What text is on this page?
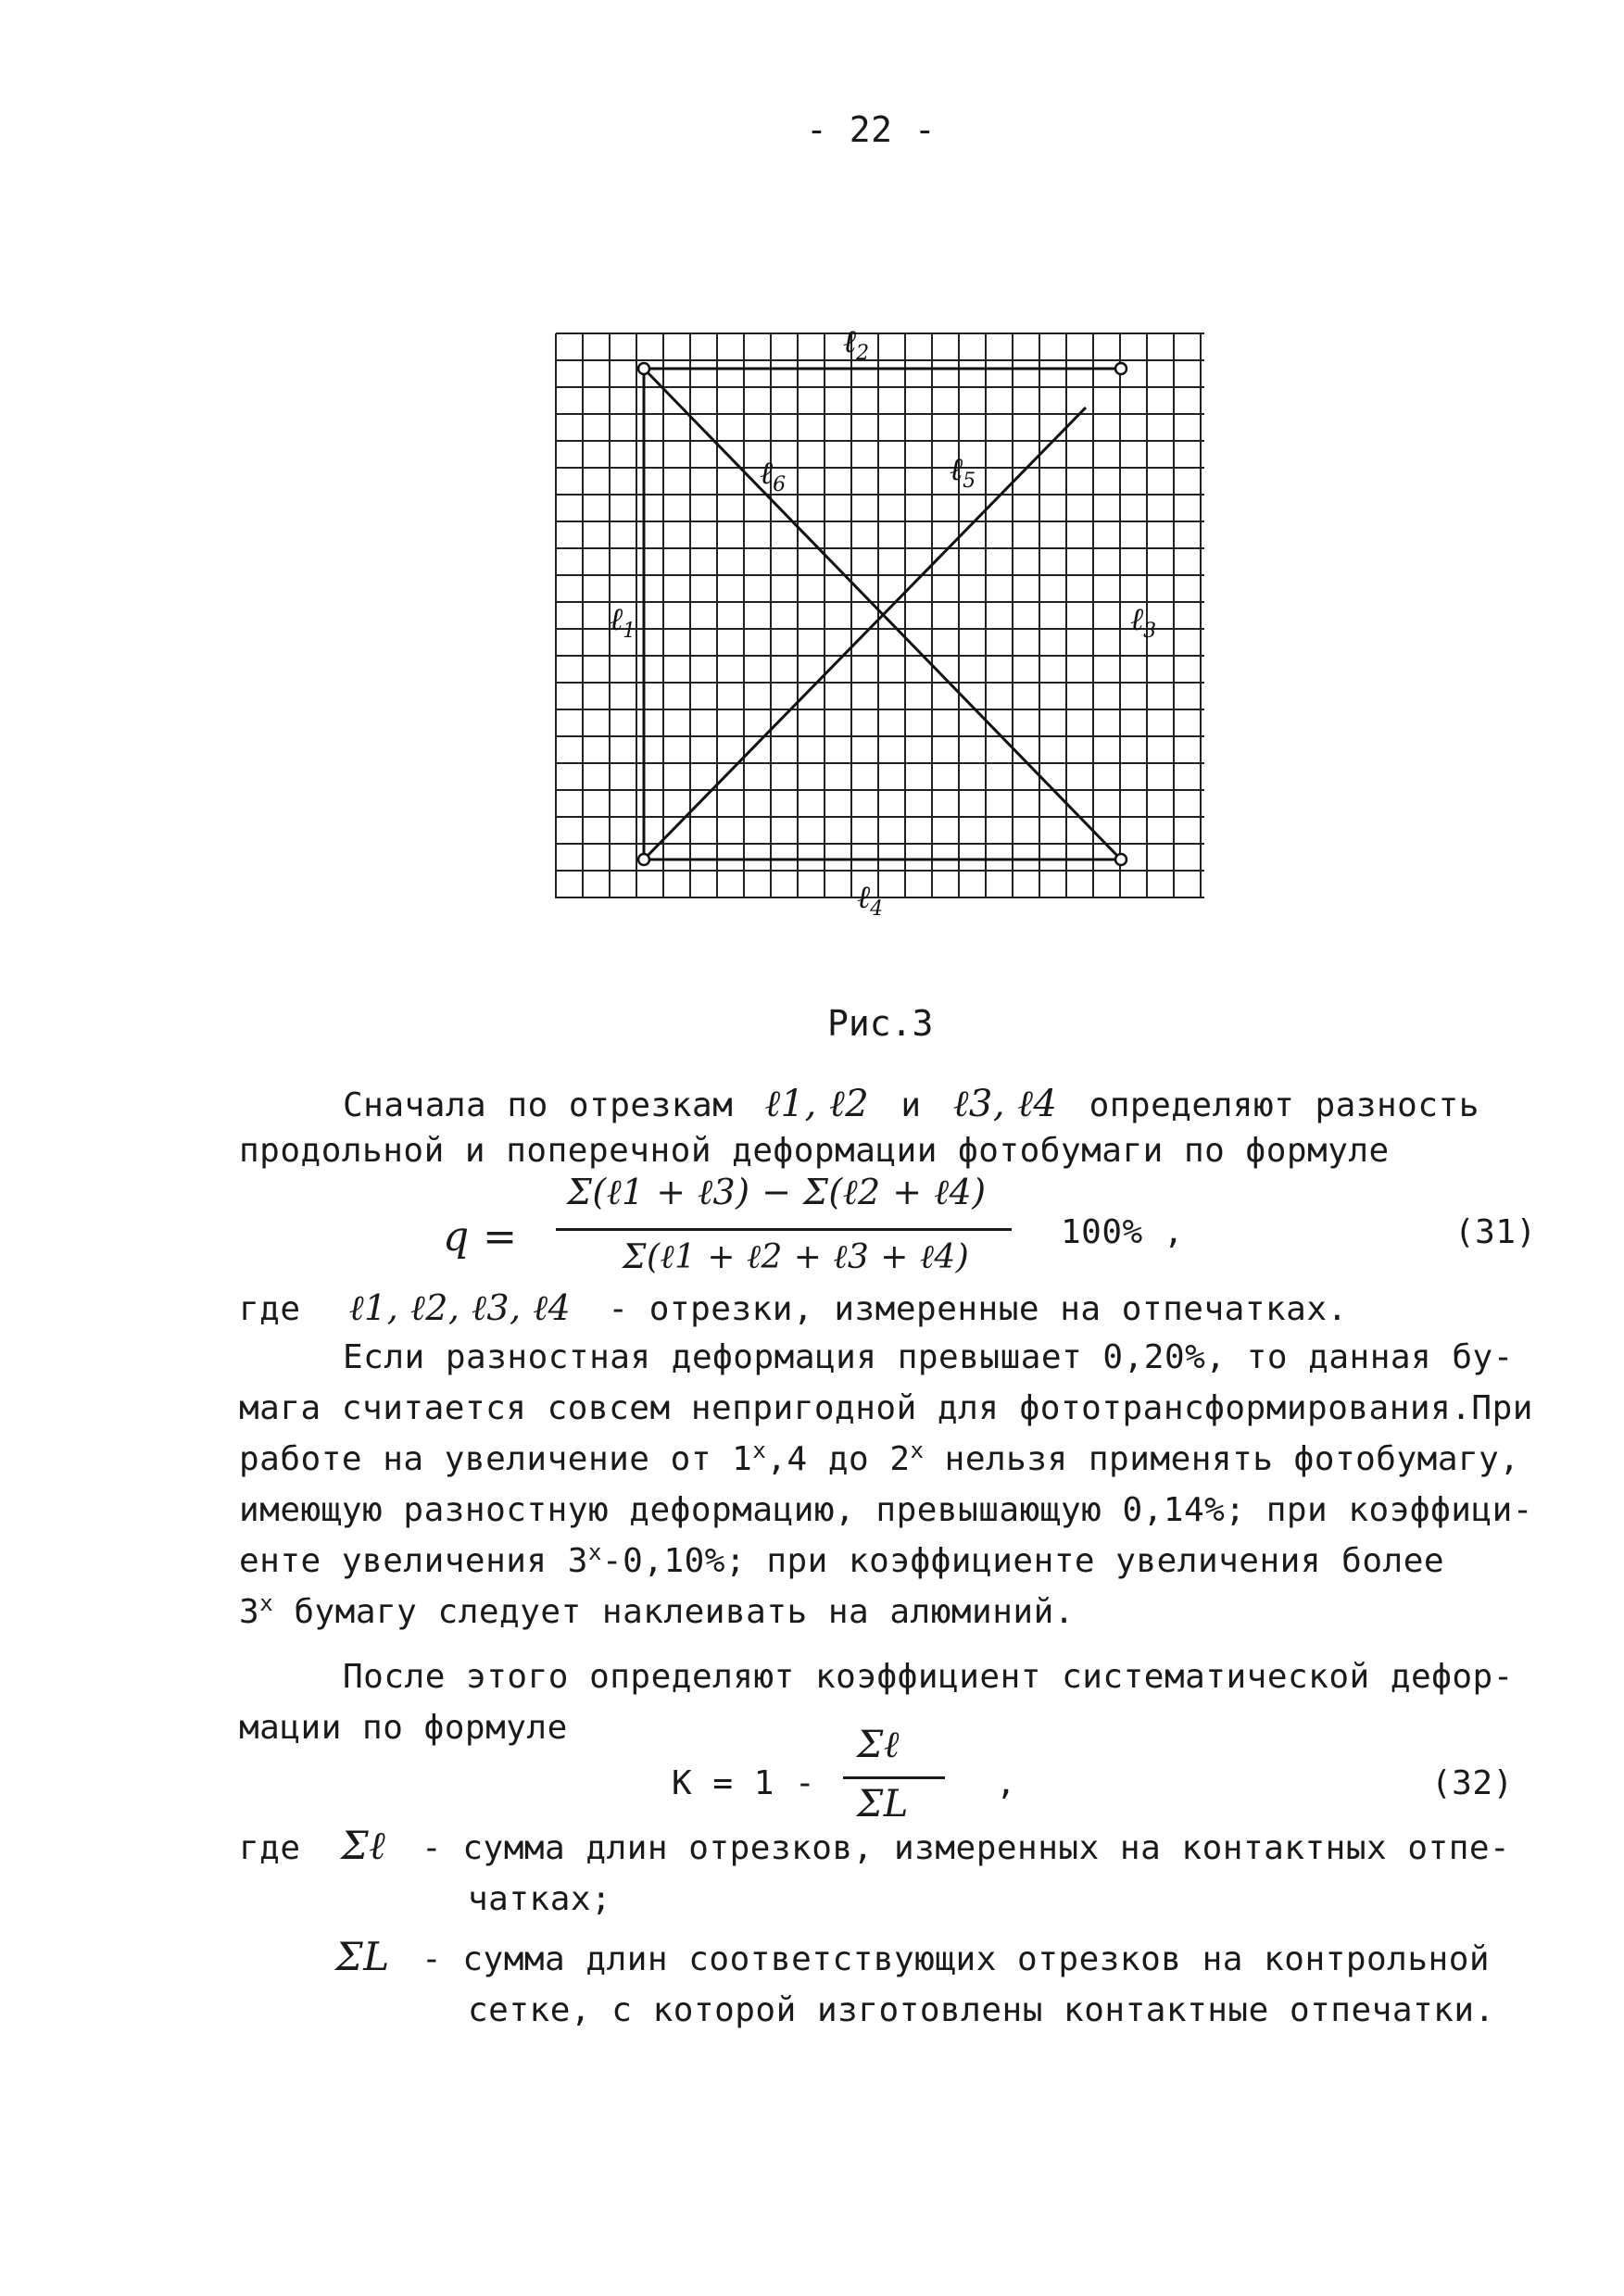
- 22 -
ℓ$_2$
ℓ$_6$	ℓ$_5$
ℓ$_1$	ℓ$_3$
ℓ$_4$
Рис.3
Сначала по отрезкам ℓ1, ℓ2 и ℓ3, ℓ4 определяют разность
продольной и поперечной деформации фотобумаги по формуле
q =
Σ(ℓ1 + ℓ3) − Σ(ℓ2 + ℓ4)
Σ(ℓ1 + ℓ2 + ℓ3 + ℓ4)
100% ,	(31)
где ℓ1, ℓ2, ℓ3, ℓ4 - отрезки, измеренные на отпечатках.
Если разностная деформация превышает 0,20%, то данная бу-
мага считается совсем непригодной для фототрансформирования.При
работе на увеличение от 1$^x$,4 до 2$^x$ нельзя применять фотобумагу,
имеющую разностную деформацию, превышающую 0,14%; при коэффици-
енте увеличения 3$^x$-0,10%; при коэффициенте увеличения более
3$^x$ бумагу следует наклеивать на алюминий.
После этого определяют коэффициент систематической дефор-
мации по формуле
K = 1 -
Σℓ
ΣL	,	(32)
где Σℓ - сумма длин отрезков, измеренных на контактных отпе-
чатках;
ΣL - сумма длин соответствующих отрезков на контрольной
сетке, с которой изготовлены контактные отпечатки.
